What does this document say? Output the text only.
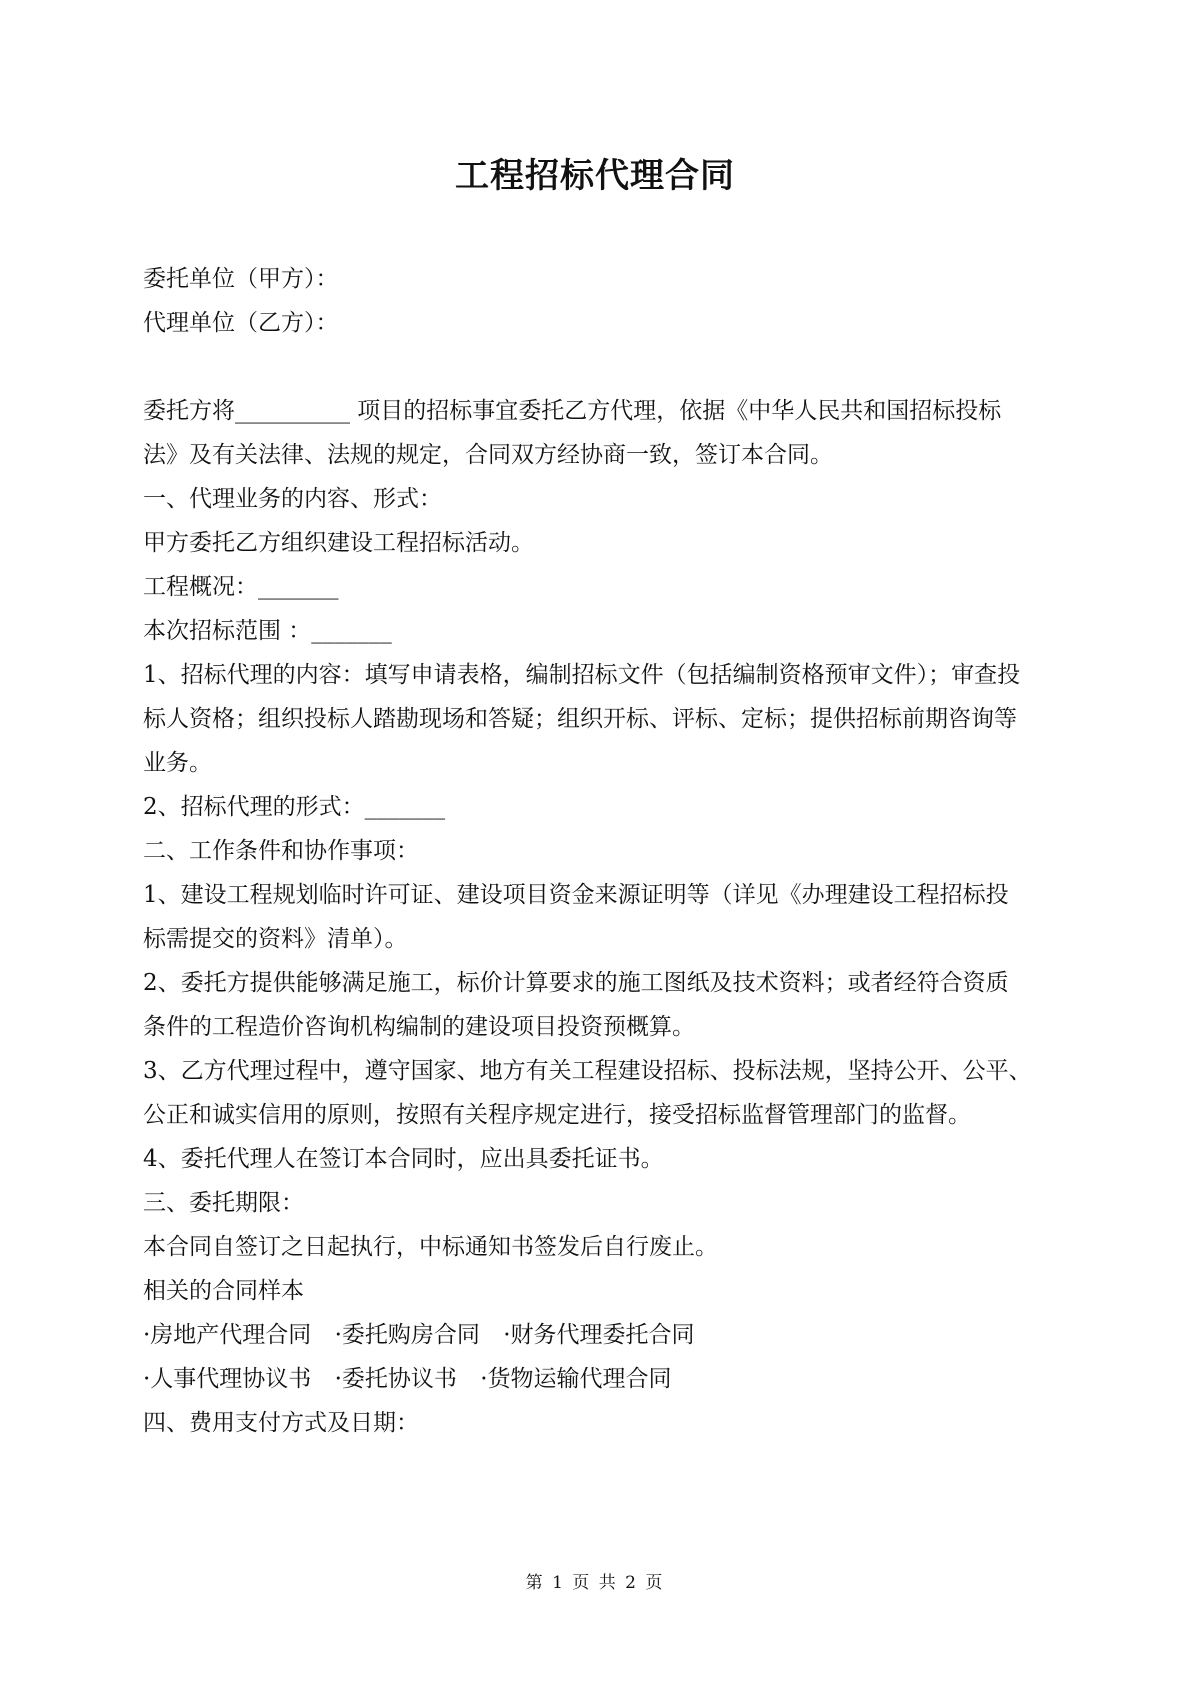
工程招标代理合同
委托单位（甲方）：
代理单位（乙方）：
委托方将__________ 项目的招标事宜委托乙方代理，依据《中华人民共和国招标投标
法》及有关法律、法规的规定，合同双方经协商一致，签订本合同。
一、代理业务的内容、形式：
甲方委托乙方组织建设工程招标活动。
工程概况：_______
本次招标范围 ：_______
1、招标代理的内容：填写申请表格，编制招标文件（包括编制资格预审文件）；审查投
标人资格；组织投标人踏勘现场和答疑；组织开标、评标、定标；提供招标前期咨询等
业务。
2、招标代理的形式：_______
二、工作条件和协作事项：
1、建设工程规划临时许可证、建设项目资金来源证明等（详见《办理建设工程招标投
标需提交的资料》清单）。
2、委托方提供能够满足施工，标价计算要求的施工图纸及技术资料；或者经符合资质
条件的工程造价咨询机构编制的建设项目投资预概算。
3、乙方代理过程中，遵守国家、地方有关工程建设招标、投标法规，坚持公开、公平、
公正和诚实信用的原则，按照有关程序规定进行，接受招标监督管理部门的监督。
4、委托代理人在签订本合同时，应出具委托证书。
三、委托期限：
本合同自签订之日起执行，中标通知书签发后自行废止。
相关的合同样本
·房地产代理合同 ·委托购房合同 ·财务代理委托合同
·人事代理协议书 ·委托协议书 ·货物运输代理合同
四、费用支付方式及日期：
第 1 页 共 2 页
